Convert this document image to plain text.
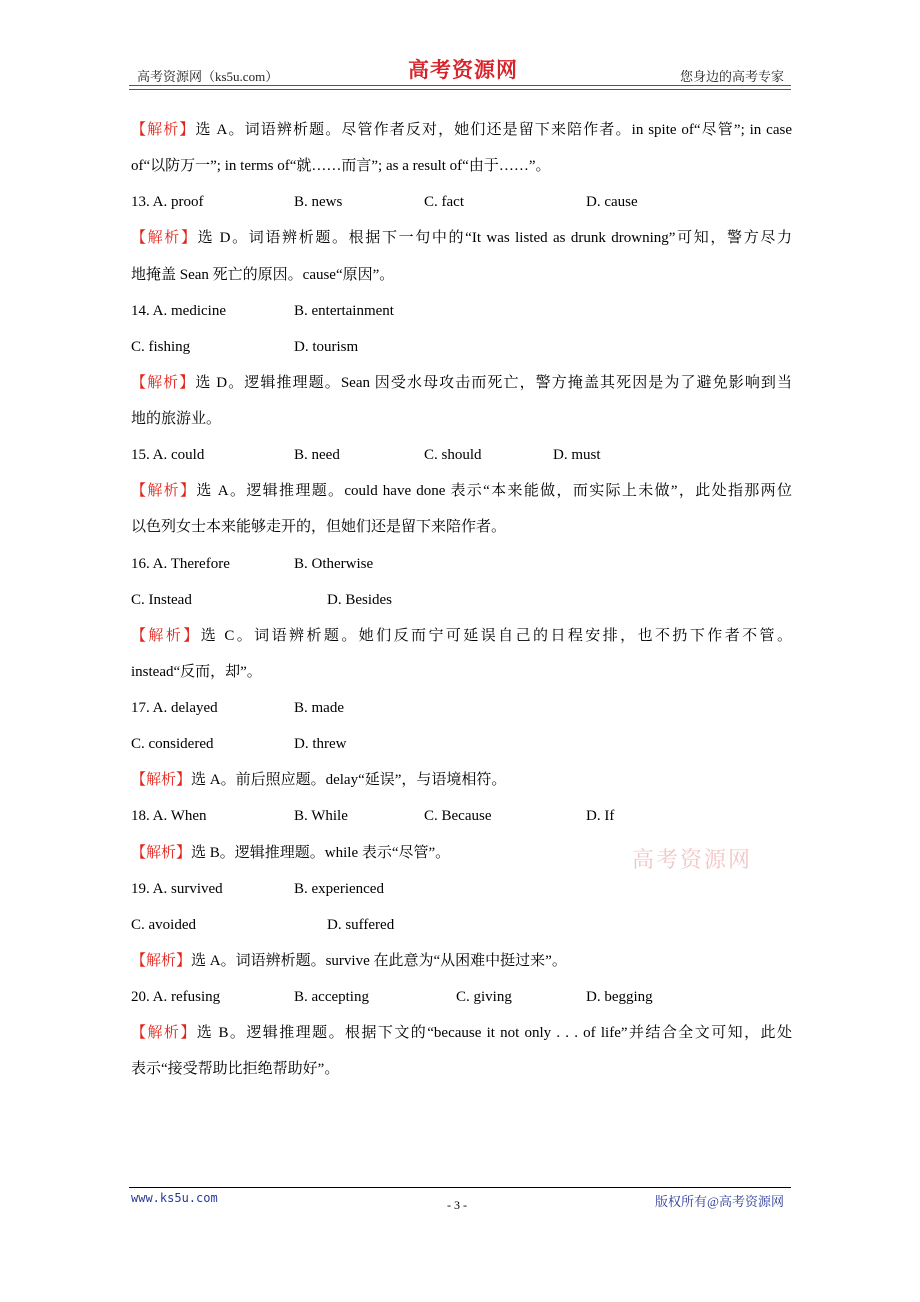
高考资源网（ks5u.com）	高考资源网	您身边的高考专家
【解析】选 A。词语辨析题。尽管作者反对，她们还是留下来陪作者。in spite of“尽管”; in case
of“以防万一”; in terms of“就……而言”; as a result of“由于……”。
13. A. proof	B. news	C. fact	D. cause
【解析】选 D。词语辨析题。根据下一句中的“It was listed as drunk drowning”可知，警方尽力
地掩盖 Sean 死亡的原因。cause“原因”。
14. A. medicine	B. entertainment
C. fishing	D. tourism
【解析】选 D。逻辑推理题。Sean 因受水母攻击而死亡，警方掩盖其死因是为了避免影响到当
地的旅游业。
15. A. could	B. need	C. should	D. must
【解析】选 A。逻辑推理题。could have done 表示“本来能做，而实际上未做”，此处指那两位
以色列女士本来能够走开的，但她们还是留下来陪作者。
16. A. Therefore	B. Otherwise
C. Instead	D. Besides
【解析】选 C。词语辨析题。她们反而宁可延误自己的日程安排，也不扔下作者不管。
instead“反而，却”。
17. A. delayed	B. made
C. considered	D. threw
【解析】选 A。前后照应题。delay“延误”，与语境相符。
18. A. When	B. While	C. Because	D. If
【解析】选 B。逻辑推理题。while 表示“尽管”。
19. A. survived	B. experienced
C. avoided	D. suffered
【解析】选 A。词语辨析题。survive 在此意为“从困难中挺过来”。
20. A. refusing	B. accepting	C. giving	D. begging
【解析】选 B。逻辑推理题。根据下文的“because it not only . . . of life”并结合全文可知，此处
表示“接受帮助比拒绝帮助好”。
高考资源网
www.ks5u.com	- 3 -	版权所有@高考资源网
